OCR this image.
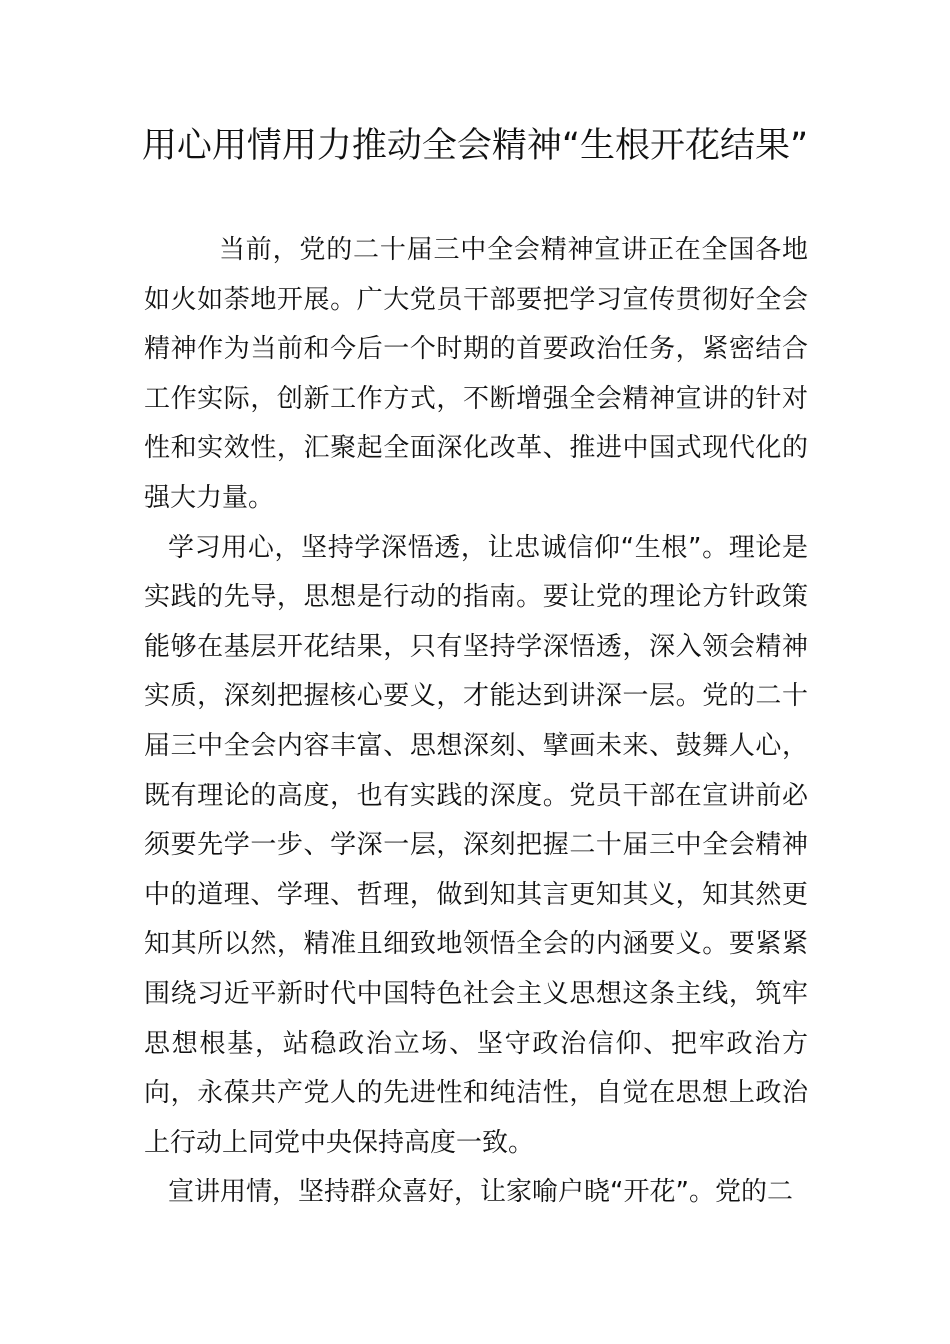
用心用情用力推动全会精神“生根开花结果”

当前，党的二十届三中全会精神宣讲正在全国各地如火如荼地开展。广大党员干部要把学习宣传贯彻好全会精神作为当前和今后一个时期的首要政治任务，紧密结合工作实际，创新工作方式，不断增强全会精神宣讲的针对性和实效性，汇聚起全面深化改革、推进中国式现代化的强大力量。

学习用心，坚持学深悟透，让忠诚信仰“生根”。理论是实践的先导，思想是行动的指南。要让党的理论方针政策能够在基层开花结果，只有坚持学深悟透，深入领会精神实质，深刻把握核心要义，才能达到讲深一层。党的二十届三中全会内容丰富、思想深刻、擘画未来、鼓舞人心，既有理论的高度，也有实践的深度。党员干部在宣讲前必须要先学一步、学深一层，深刻把握二十届三中全会精神中的道理、学理、哲理，做到知其言更知其义，知其然更知其所以然，精准且细致地领悟全会的内涵要义。要紧紧围绕习近平新时代中国特色社会主义思想这条主线，筑牢思想根基，站稳政治立场、坚守政治信仰、把牢政治方向，永葆共产党人的先进性和纯洁性，自觉在思想上政治上行动上同党中央保持高度一致。

宣讲用情，坚持群众喜好，让家喻户晓“开花”。党的二
